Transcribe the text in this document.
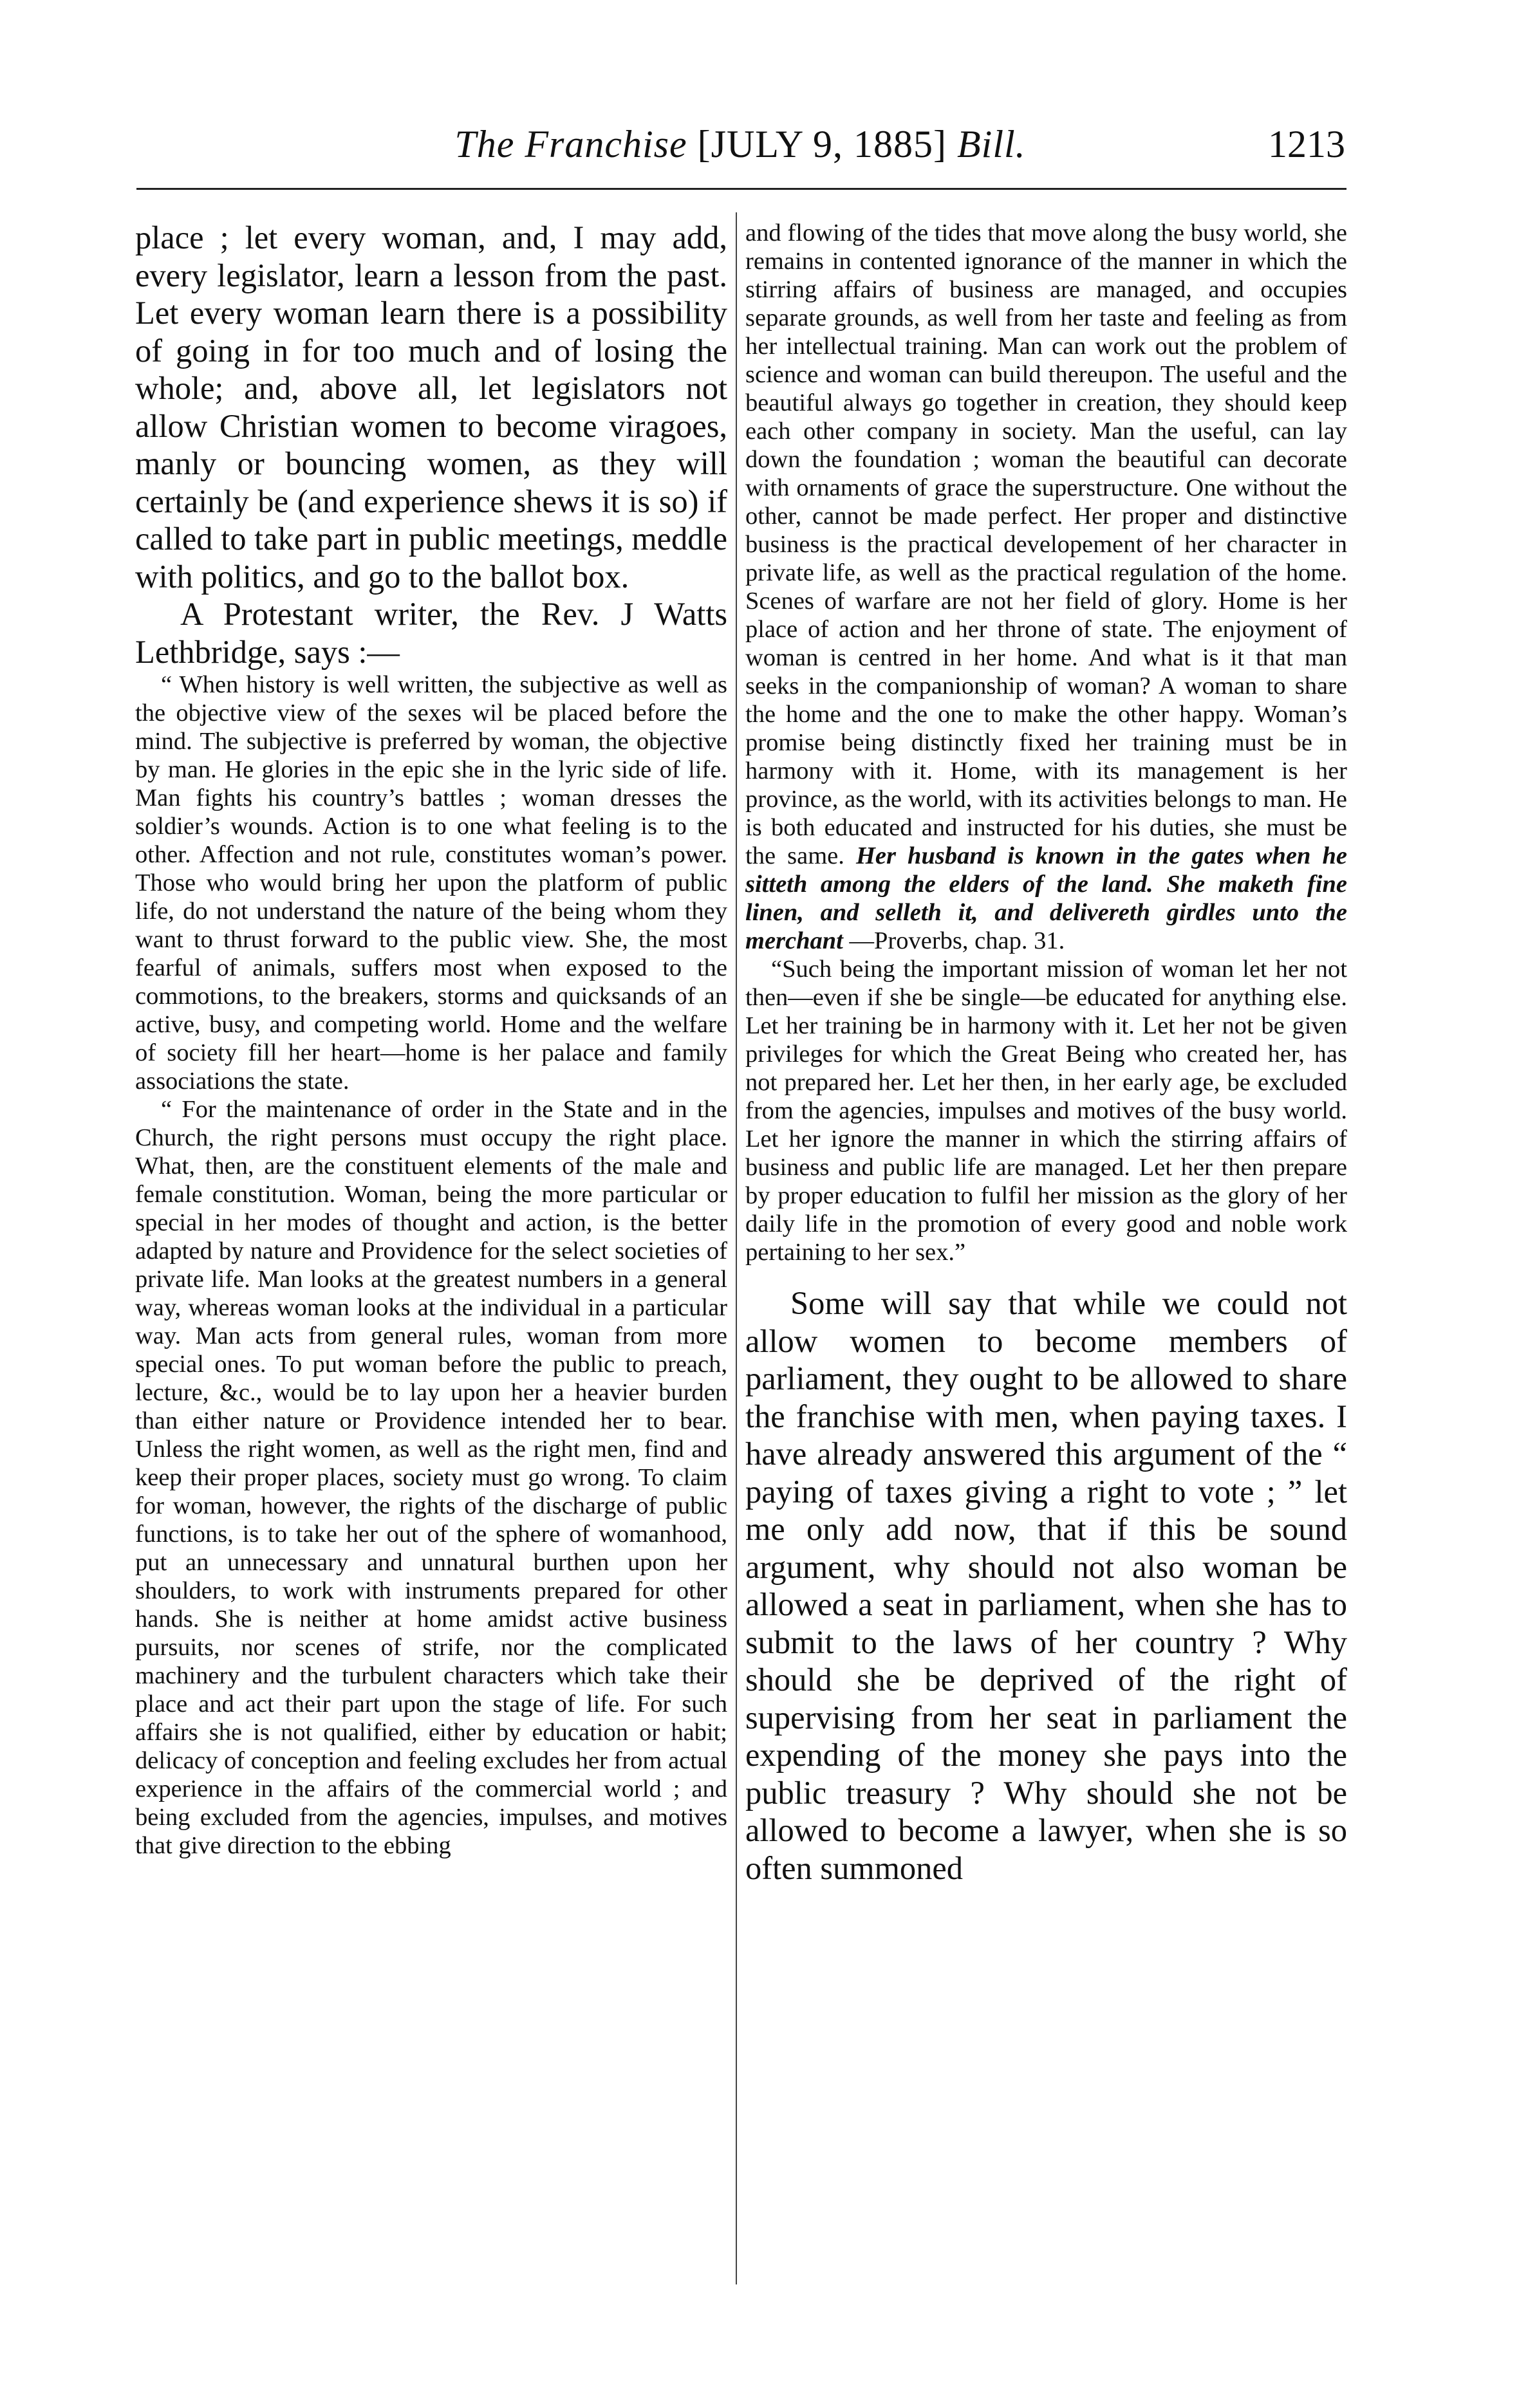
The Franchise [JULY 9, 1885] Bill.	1213

place ; let every woman, and, I may add, every legislator, learn a lesson from the past. Let every woman learn there is a possibility of going in for too much and of losing the whole; and, above all, let legislators not allow Christian women to become viragoes, manly or bouncing women, as they will certainly be (and experience shews it is so) if called to take part in public meetings, meddle with politics, and go to the ballot box.

A Protestant writer, the Rev. J Watts Lethbridge, says :—

“ When history is well written, the subjective as well as the objective view of the sexes wil be placed before the mind. The subjective is preferred by woman, the objective by man. He glories in the epic she in the lyric side of life. Man fights his country’s battles ; woman dresses the soldier’s wounds. Action is to one what feeling is to the other. Affection and not rule, constitutes woman’s power. Those who would bring her upon the platform of public life, do not understand the nature of the being whom they want to thrust forward to the public view. She, the most fearful of animals, suffers most when exposed to the commotions, to the breakers, storms and quicksands of an active, busy, and competing world. Home and the welfare of society fill her heart—home is her palace and family associations the state.

“ For the maintenance of order in the State and in the Church, the right persons must occupy the right place. What, then, are the constituent elements of the male and female constitution. Woman, being the more particular or special in her modes of thought and action, is the better adapted by nature and Providence for the select societies of private life. Man looks at the greatest numbers in a general way, whereas woman looks at the individual in a particular way. Man acts from general rules, woman from more special ones. To put woman before the public to preach, lecture, &c., would be to lay upon her a heavier burden than either nature or Providence intended her to bear. Unless the right women, as well as the right men, find and keep their proper places, society must go wrong. To claim for woman, however, the rights of the discharge of public functions, is to take her out of the sphere of womanhood, put an unnecessary and unnatural burthen upon her shoulders, to work with instruments prepared for other hands. She is neither at home amidst active business pursuits, nor scenes of strife, nor the complicated machinery and the turbulent characters which take their place and act their part upon the stage of life. For such affairs she is not qualified, either by education or habit; delicacy of conception and feeling excludes her from actual experience in the affairs of the commercial world ; and being excluded from the agencies, impulses, and motives that give direction to the ebbing

and flowing of the tides that move along the busy world, she remains in contented ignorance of the manner in which the stirring affairs of business are managed, and occupies separate grounds, as well from her taste and feeling as from her intellectual training. Man can work out the problem of science and woman can build thereupon. The useful and the beautiful always go together in creation, they should keep each other company in society. Man the useful, can lay down the foundation ; woman the beautiful can decorate with ornaments of grace the superstructure. One without the other, cannot be made perfect. Her proper and distinctive business is the practical developement of her character in private life, as well as the practical regulation of the home. Scenes of warfare are not her field of glory. Home is her place of action and her throne of state. The enjoyment of woman is centred in her home. And what is it that man seeks in the companionship of woman? A woman to share the home and the one to make the other happy. Woman’s promise being distinctly fixed her training must be in harmony with it. Home, with its management is her province, as the world, with its activities belongs to man. He is both educated and instructed for his duties, she must be the same. Her husband is known in the gates when he sitteth among the elders of the land. She maketh fine linen, and selleth it, and delivereth girdles unto the merchant —Proverbs, chap. 31.

“Such being the important mission of woman let her not then—even if she be single—be educated for anything else. Let her training be in harmony with it. Let her not be given privileges for which the Great Being who created her, has not prepared her. Let her then, in her early age, be excluded from the agencies, impulses and motives of the busy world. Let her ignore the manner in which the stirring affairs of business and public life are managed. Let her then prepare by proper education to fulfil her mission as the glory of her daily life in the promotion of every good and noble work pertaining to her sex.”

Some will say that while we could not allow women to become members of parliament, they ought to be allowed to share the franchise with men, when paying taxes. I have already answered this argument of the “ paying of taxes giving a right to vote ; ” let me only add now, that if this be sound argument, why should not also woman be allowed a seat in parliament, when she has to submit to the laws of her country ? Why should she be deprived of the right of supervising from her seat in parliament the expending of the money she pays into the public treasury ? Why should she not be allowed to become a lawyer, when she is so often summoned
